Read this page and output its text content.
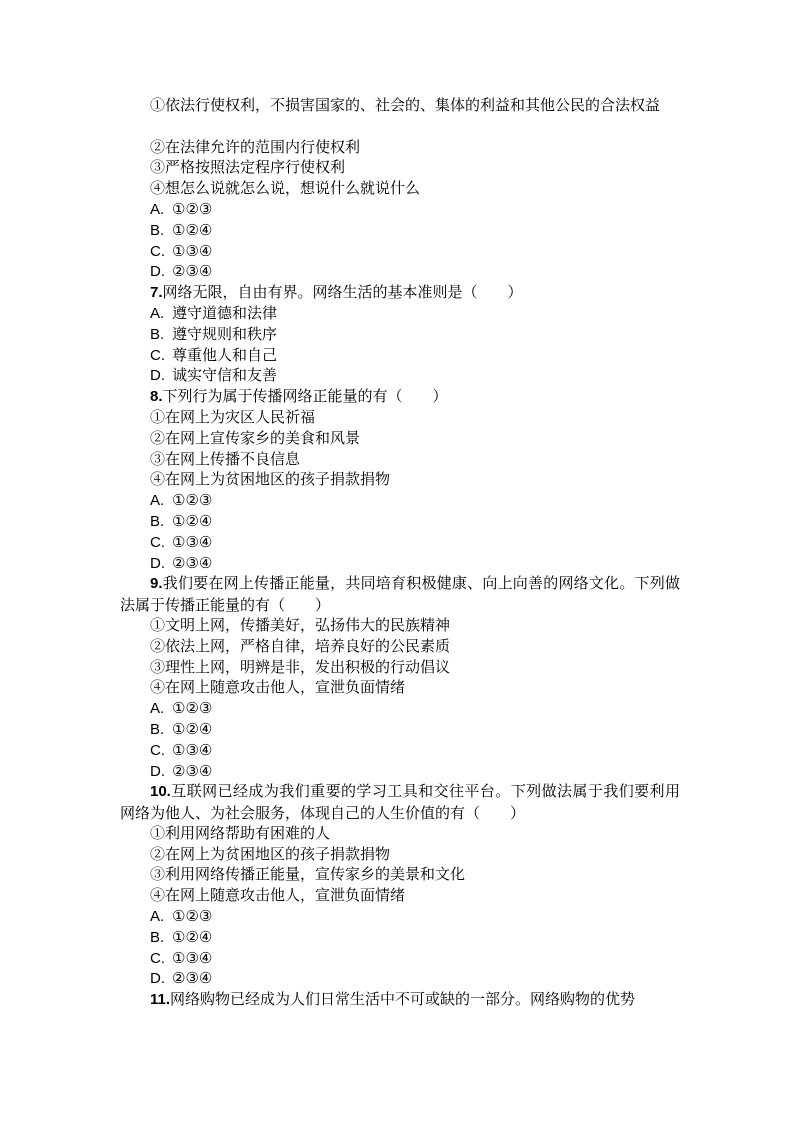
①依法行使权利，不损害国家的、社会的、集体的利益和其他公民的合法权益
②在法律允许的范围内行使权利
③严格按照法定程序行使权利
④想怎么说就怎么说，想说什么就说什么
A. ①②③
B. ①②④
C. ①③④
D. ②③④
7.网络无限，自由有界。网络生活的基本准则是（　　）
A. 遵守道德和法律
B. 遵守规则和秩序
C. 尊重他人和自己
D. 诚实守信和友善
8.下列行为属于传播网络正能量的有（　　）
①在网上为灾区人民祈福
②在网上宣传家乡的美食和风景
③在网上传播不良信息
④在网上为贫困地区的孩子捐款捐物
A. ①②③
B. ①②④
C. ①③④
D. ②③④
9.我们要在网上传播正能量，共同培育积极健康、向上向善的网络文化。下列做法属于传播正能量的有（　　）
①文明上网，传播美好，弘扬伟大的民族精神
②依法上网，严格自律，培养良好的公民素质
③理性上网，明辨是非，发出积极的行动倡议
④在网上随意攻击他人，宣泄负面情绪
A. ①②③
B. ①②④
C. ①③④
D. ②③④
10.互联网已经成为我们重要的学习工具和交往平台。下列做法属于我们要利用网络为他人、为社会服务，体现自己的人生价值的有（　　）
①利用网络帮助有困难的人
②在网上为贫困地区的孩子捐款捐物
③利用网络传播正能量，宣传家乡的美景和文化
④在网上随意攻击他人，宣泄负面情绪
A. ①②③
B. ①②④
C. ①③④
D. ②③④
11.网络购物已经成为人们日常生活中不可或缺的一部分。网络购物的优势
